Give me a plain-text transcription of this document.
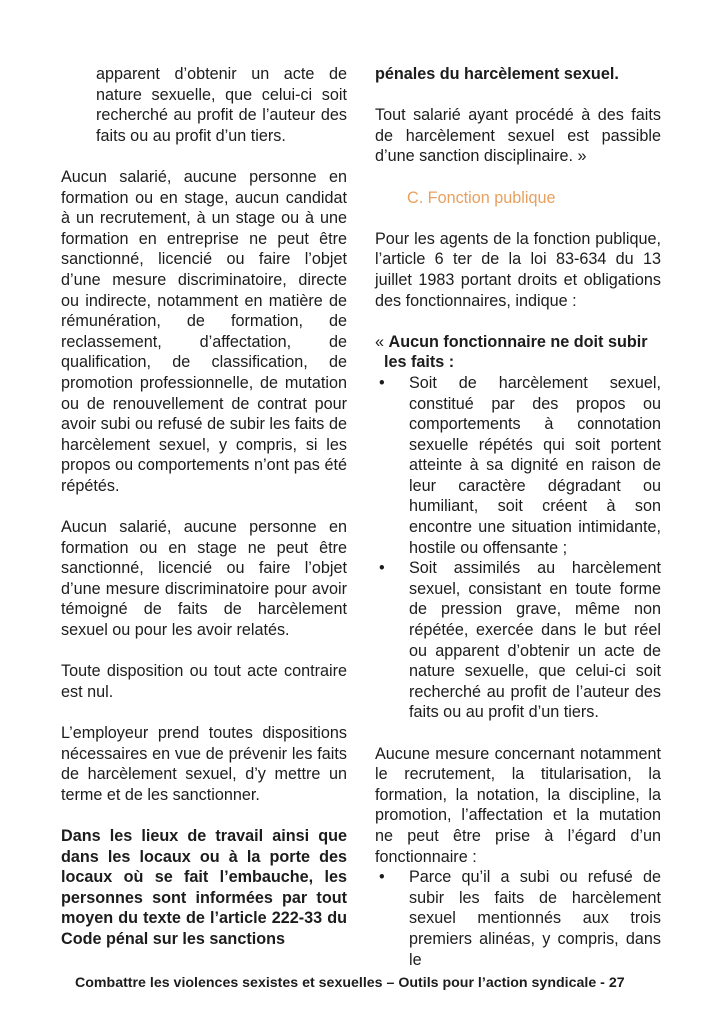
apparent d’obtenir un acte de nature sexuelle, que celui-ci soit recherché au profit de l’auteur des faits ou au profit d’un tiers.

Aucun salarié, aucune personne en formation ou en stage, aucun candidat à un recrutement, à un stage ou à une formation en entreprise ne peut être sanctionné, licencié ou faire l’objet d’une mesure discriminatoire, directe ou indirecte, notamment en matière de rémunération, de formation, de reclassement, d’affectation, de qualification, de classification, de promotion professionnelle, de mutation ou de renouvellement de contrat pour avoir subi ou refusé de subir les faits de harcèlement sexuel, y compris, si les propos ou comportements n’ont pas été répétés.

Aucun salarié, aucune personne en formation ou en stage ne peut être sanctionné, licencié ou faire l’objet d’une mesure discriminatoire pour avoir témoigné de faits de harcèlement sexuel ou pour les avoir relatés.

Toute disposition ou tout acte contraire est nul.

L’employeur prend toutes dispositions nécessaires en vue de prévenir les faits de harcèlement sexuel, d’y mettre un terme et de les sanctionner.

Dans les lieux de travail ainsi que dans les locaux ou à la porte des locaux où se fait l’embauche, les personnes sont informées par tout moyen du texte de l’article 222-33 du Code pénal sur les sanctions

pénales du harcèlement sexuel.

Tout salarié ayant procédé à des faits de harcèlement sexuel est passible d’une sanction disciplinaire. »

C. Fonction publique

Pour les agents de la fonction publique, l’article 6 ter de la loi 83-634 du 13 juillet 1983 portant droits et obligations des fonctionnaires, indique :

« Aucun fonctionnaire ne doit subir les faits :

• Soit de harcèlement sexuel, constitué par des propos ou comportements à connotation sexuelle répétés qui soit portent atteinte à sa dignité en raison de leur caractère dégradant ou humiliant, soit créent à son encontre une situation intimidante, hostile ou offensante ;
• Soit assimilés au harcèlement sexuel, consistant en toute forme de pression grave, même non répétée, exercée dans le but réel ou apparent d’obtenir un acte de nature sexuelle, que celui-ci soit recherché au profit de l’auteur des faits ou au profit d’un tiers.

Aucune mesure concernant notamment le recrutement, la titularisation, la formation, la notation, la discipline, la promotion, l’affectation et la mutation ne peut être prise à l’égard d’un fonctionnaire :

• Parce qu’il a subi ou refusé de subir les faits de harcèlement sexuel mentionnés aux trois premiers alinéas, y compris, dans le
Combattre les violences sexistes et sexuelles – Outils pour l’action syndicale - 27
